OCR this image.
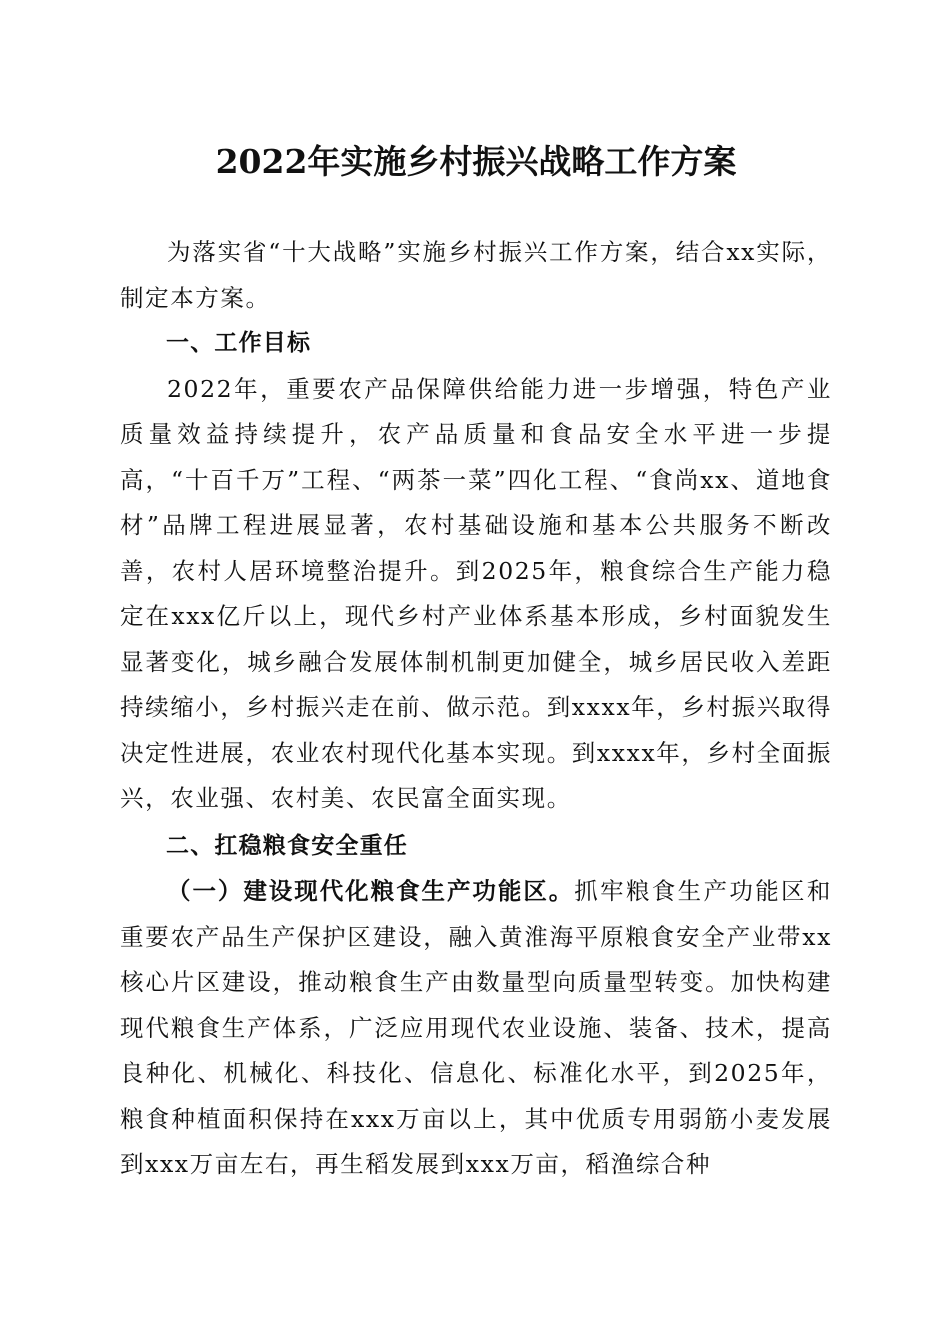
2022年实施乡村振兴战略工作方案

为落实省“十大战略”实施乡村振兴工作方案，结合xx实际，制定本方案。

一、工作目标

2022年，重要农产品保障供给能力进一步增强，特色产业质量效益持续提升，农产品质量和食品安全水平进一步提高，“十百千万”工程、“两茶一菜”四化工程、“食尚xx、道地食材”品牌工程进展显著，农村基础设施和基本公共服务不断改善，农村人居环境整治提升。到2025年，粮食综合生产能力稳定在xxx亿斤以上，现代乡村产业体系基本形成，乡村面貌发生显著变化，城乡融合发展体制机制更加健全，城乡居民收入差距持续缩小，乡村振兴走在前、做示范。到xxxx年，乡村振兴取得决定性进展，农业农村现代化基本实现。到xxxx年，乡村全面振兴，农业强、农村美、农民富全面实现。

二、扛稳粮食安全重任

（一）建设现代化粮食生产功能区。抓牢粮食生产功能区和重要农产品生产保护区建设，融入黄淮海平原粮食安全产业带xx核心片区建设，推动粮食生产由数量型向质量型转变。加快构建现代粮食生产体系，广泛应用现代农业设施、装备、技术，提高良种化、机械化、科技化、信息化、标准化水平，到2025年，粮食种植面积保持在xxx万亩以上，其中优质专用弱筋小麦发展到xxx万亩左右，再生稻发展到xxx万亩，稻渔综合种
